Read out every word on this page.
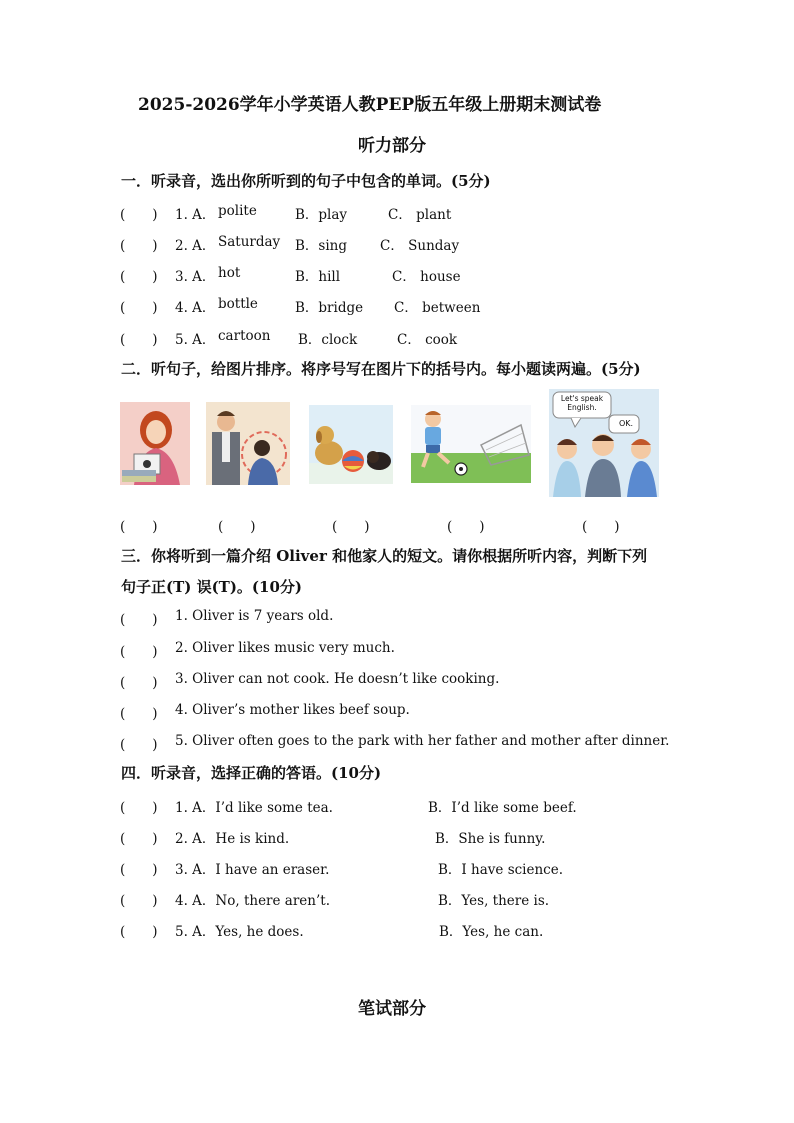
2025-2026学年小学英语人教PEP版五年级上册期末测试卷
听力部分
一．听录音，选出你所听到的句子中包含的单词。(5分)
(　　) 1. A． polite	B．play	C． plant
(　　) 2. A． Saturday B．sing C． Sunday
(　　) 3. A． hot	B．hill	C． house
(　　) 4. A． bottle	B．bridge C． between
(　　) 5. A． cartoon B．clock	C． cook
二．听句子，给图片排序。将序号写在图片下的括号内。每小题读两遍。(5分)
Let's speak English.
OK.
(　　)	(　　)	(　　)	(　　)	(　　)
三．你将听到一篇介绍 Oliver 和他家人的短文。请你根据所听内容，判断下列
句子正(T) 误(T)。(10分)
(　　) 1. Oliver is 7 years old.
(　　) 2. Oliver likes music very much.
(　　) 3. Oliver can not cook. He doesn’t like cooking.
(　　) 4. Oliver’s mother likes beef soup.
(　　) 5. Oliver often goes to the park with her father and mother after dinner.
四．听录音，选择正确的答语。(10分)
(　　) 1. A．I’d like some tea.	B．I’d like some beef.
(　　) 2. A．He is kind.	B．She is funny.
(　　) 3. A．I have an eraser.	B．I have science.
(　　) 4. A．No, there aren’t.	B．Yes, there is.
(　　) 5. A．Yes, he does.	B．Yes, he can.
笔试部分
